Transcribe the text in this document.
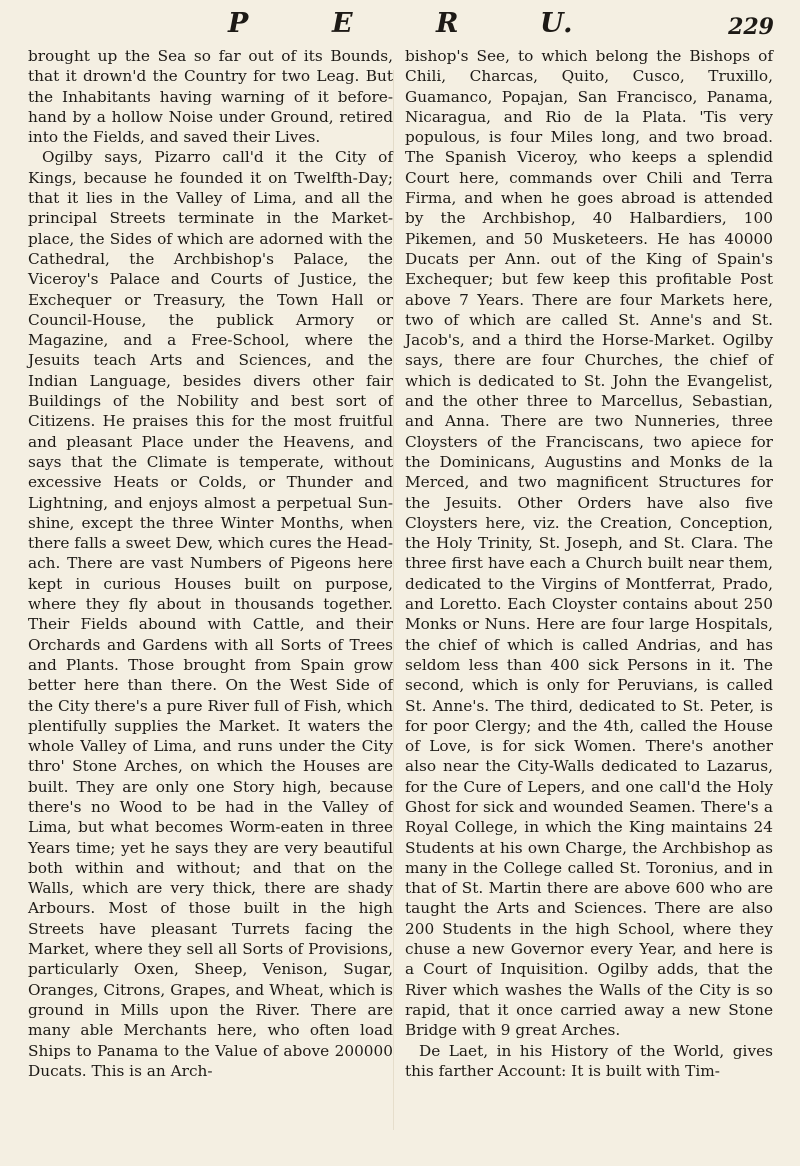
P	E	R	U.	229

brought up the Sea so far out of its Bounds, that it drown'd the Country for two Leag. But the Inhabitants having warning of it before-hand by a hollow Noise under Ground, retired into the Fields, and saved their Lives.

Ogilby says, Pizarro call'd it the City of Kings, because he founded it on Twelfth-Day; that it lies in the Valley of Lima, and all the principal Streets terminate in the Market-place, the Sides of which are adorned with the Cathedral, the Archbishop's Palace, the Viceroy's Palace and Courts of Justice, the Exchequer or Treasury, the Town Hall or Council-House, the publick Armory or Magazine, and a Free-School, where the Jesuits teach Arts and Sciences, and the Indian Language, besides divers other fair Buildings of the Nobility and best sort of Citizens. He praises this for the most fruitful and pleasant Place under the Heavens, and says that the Climate is temperate, without excessive Heats or Colds, or Thunder and Lightning, and enjoys almost a perpetual Sun-shine, except the three Winter Months, when there falls a sweet Dew, which cures the Head-ach. There are vast Numbers of Pigeons here kept in curious Houses built on purpose, where they fly about in thousands together. Their Fields abound with Cattle, and their Orchards and Gardens with all Sorts of Trees and Plants. Those brought from Spain grow better here than there. On the West Side of the City there's a pure River full of Fish, which plentifully supplies the Market. It waters the whole Valley of Lima, and runs under the City thro' Stone Arches, on which the Houses are built. They are only one Story high, because there's no Wood to be had in the Valley of Lima, but what becomes Worm-eaten in three Years time; yet he says they are very beautiful both within and without; and that on the Walls, which are very thick, there are shady Arbours. Most of those built in the high Streets have pleasant Turrets facing the Market, where they sell all Sorts of Provisions, particularly Oxen, Sheep, Venison, Sugar, Oranges, Citrons, Grapes, and Wheat, which is ground in Mills upon the River. There are many able Merchants here, who often load Ships to Panama to the Value of above 200000 Ducats. This is an Arch-

bishop's See, to which belong the Bishops of Chili, Charcas, Quito, Cusco, Truxillo, Guamanco, Popajan, San Francisco, Panama, Nicaragua, and Rio de la Plata. 'Tis very populous, is four Miles long, and two broad. The Spanish Viceroy, who keeps a splendid Court here, commands over Chili and Terra Firma, and when he goes abroad is attended by the Archbishop, 40 Halbardiers, 100 Pikemen, and 50 Musketeers. He has 40000 Ducats per Ann. out of the King of Spain's Exchequer; but few keep this profitable Post above 7 Years. There are four Markets here, two of which are called St. Anne's and St. Jacob's, and a third the Horse-Market. Ogilby says, there are four Churches, the chief of which is dedicated to St. John the Evangelist, and the other three to Marcellus, Sebastian, and Anna. There are two Nunneries, three Cloysters of the Franciscans, two apiece for the Dominicans, Augustins and Monks de la Merced, and two magnificent Structures for the Jesuits. Other Orders have also five Cloysters here, viz. the Creation, Conception, the Holy Trinity, St. Joseph, and St. Clara. The three first have each a Church built near them, dedicated to the Virgins of Montferrat, Prado, and Loretto. Each Cloyster contains about 250 Monks or Nuns. Here are four large Hospitals, the chief of which is called Andrias, and has seldom less than 400 sick Persons in it. The second, which is only for Peruvians, is called St. Anne's. The third, dedicated to St. Peter, is for poor Clergy; and the 4th, called the House of Love, is for sick Women. There's another also near the City-Walls dedicated to Lazarus, for the Cure of Lepers, and one call'd the Holy Ghost for sick and wounded Seamen. There's a Royal College, in which the King maintains 24 Students at his own Charge, the Archbishop as many in the College called St. Toronius, and in that of St. Martin there are above 600 who are taught the Arts and Sciences. There are also 200 Students in the high School, where they chuse a new Governor every Year, and here is a Court of Inquisition. Ogilby adds, that the River which washes the Walls of the City is so rapid, that it once carried away a new Stone Bridge with 9 great Arches.

De Laet, in his History of the World, gives this farther Account: It is built with Tim-
